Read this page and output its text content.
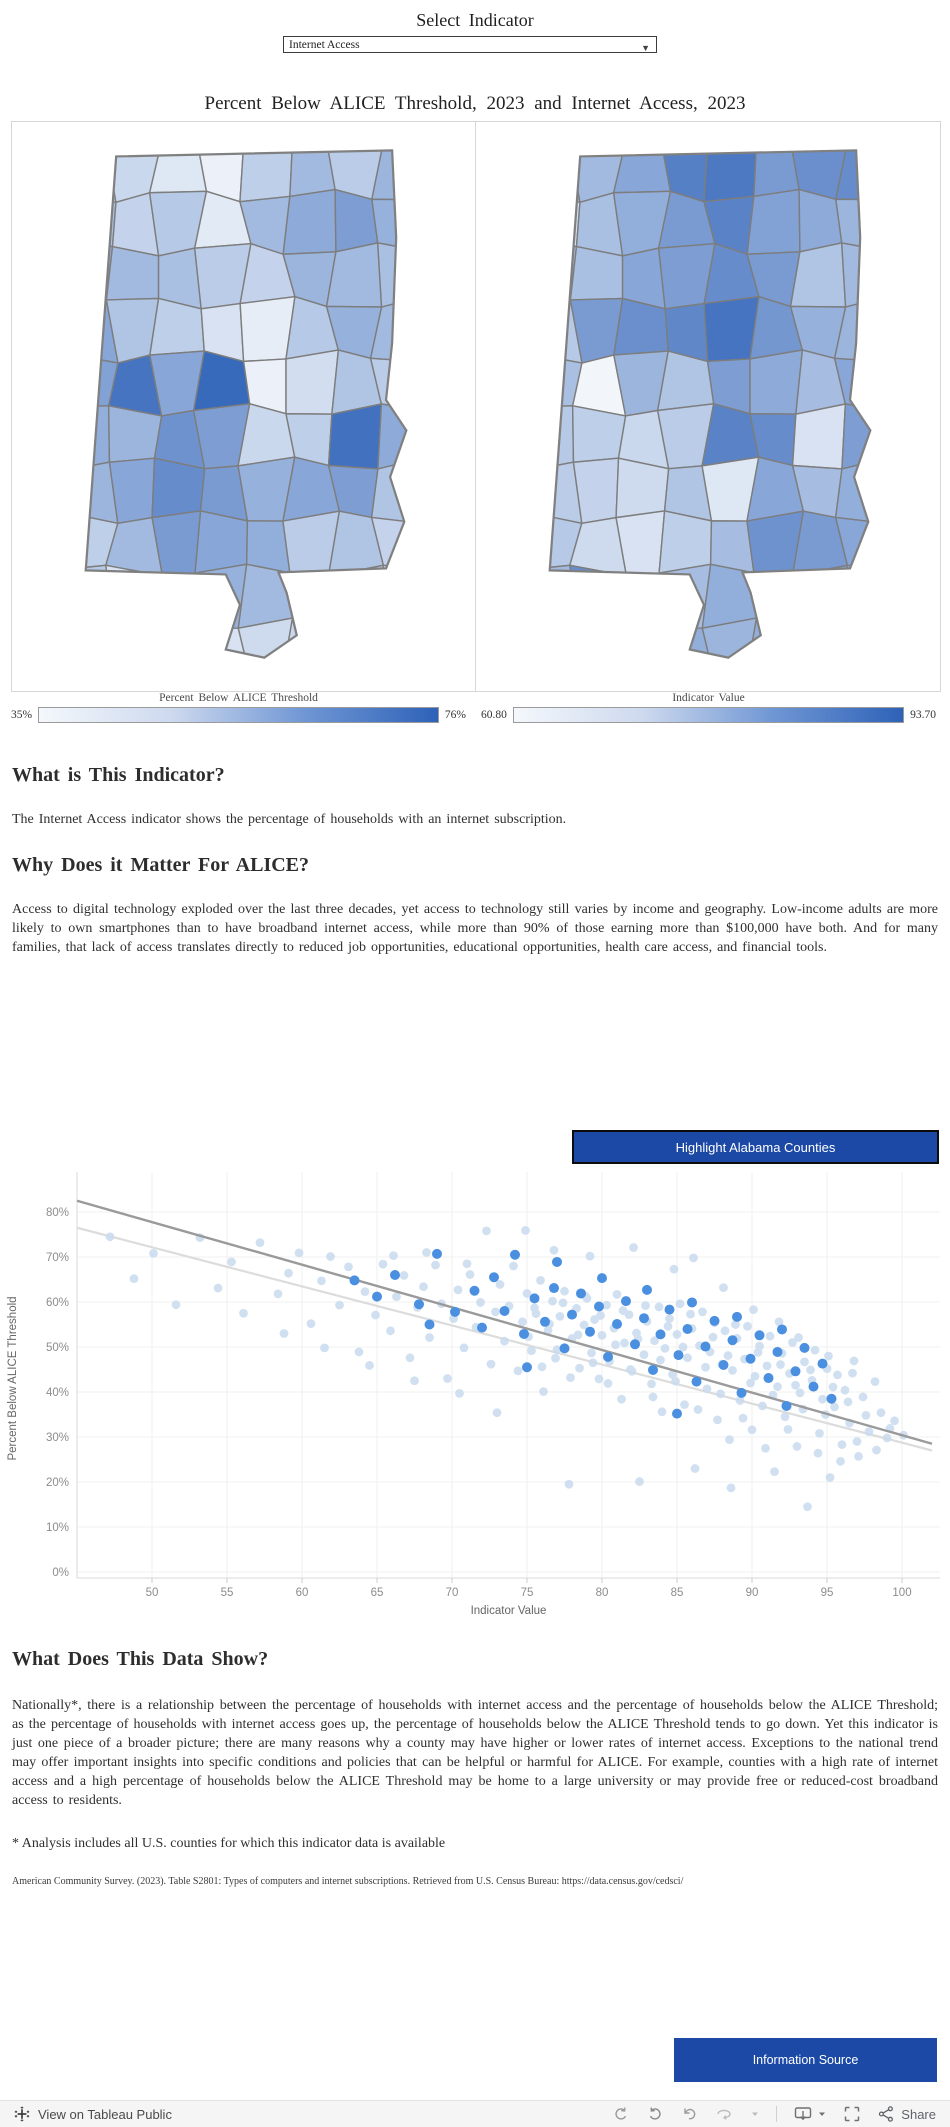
Select Indicator
Internet Access	▼
Percent Below ALICE Threshold, 2023 and Internet Access, 2023
Percent Below ALICE Threshold
35%	76%
Indicator Value
60.80	93.70
What is This Indicator?
The Internet Access indicator shows the percentage of households with an internet subscription.
Why Does it Matter For ALICE?
Access to digital technology exploded over the last three decades, yet access to technology still varies by income and geography. Low-income adults are more likely to own smartphones than to have broadband internet access, while more than 90% of those earning more than $100,000 have both. And for many families, that lack of access translates directly to reduced job opportunities, educational opportunities, health care access, and financial tools.
Highlight Alabama Counties
0%
10%
20%
30%
40%
50%
60%
70%
80%
50	55	60	65	70	75	80	85	90	95	100
Indicator Value
Percent Below ALICE Threshold
What Does This Data Show?
Nationally*, there is a relationship between the percentage of households with internet access and the percentage of households below the ALICE Threshold; as the percentage of households with internet access goes up, the percentage of households below the ALICE Threshold tends to go down. Yet this indicator is just one piece of a broader picture; there are many reasons why a county may have higher or lower rates of internet access. Exceptions to the national trend may offer important insights into specific conditions and policies that can be helpful or harmful for ALICE. For example, counties with a high rate of internet access and a high percentage of households below the ALICE Threshold may be home to a large university or may provide free or reduced-cost broadband access to residents.
* Analysis includes all U.S. counties for which this indicator data is available
American Community Survey. (2023). Table S2801: Types of computers and internet subscriptions. Retrieved from U.S. Census Bureau: https://data.census.gov/cedsci/
Information Source
View on Tableau Public	Share
